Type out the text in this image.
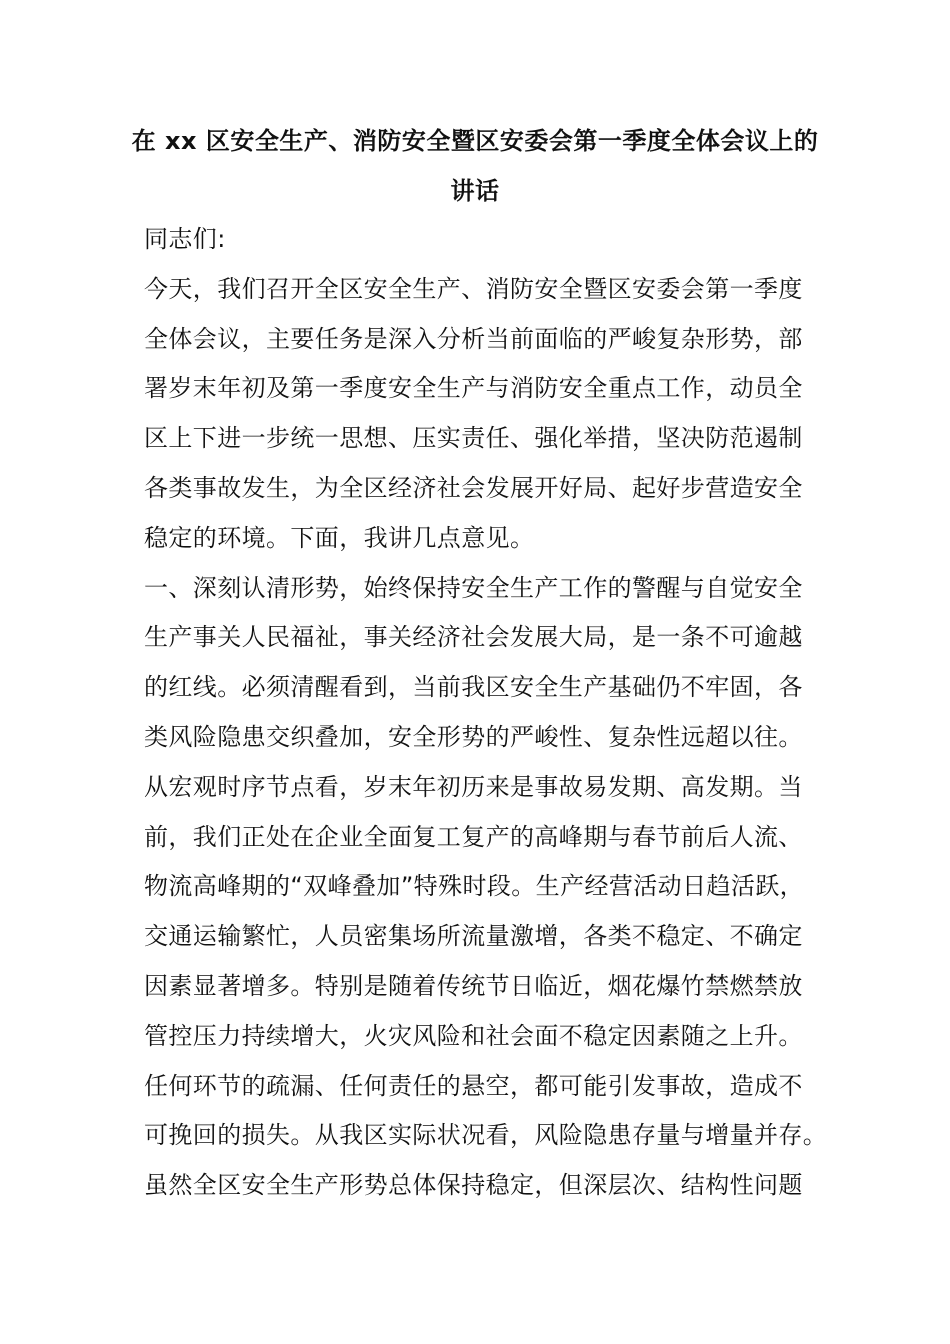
在 xx 区安全生产、消防安全暨区安委会第一季度全体会议上的
讲话
同志们:
今天，我们召开全区安全生产、消防安全暨区安委会第一季度
全体会议，主要任务是深入分析当前面临的严峻复杂形势，部
署岁末年初及第一季度安全生产与消防安全重点工作，动员全
区上下进一步统一思想、压实责任、强化举措，坚决防范遏制
各类事故发生，为全区经济社会发展开好局、起好步营造安全
稳定的环境。下面，我讲几点意见。
一、深刻认清形势，始终保持安全生产工作的警醒与自觉安全
生产事关人民福祉，事关经济社会发展大局，是一条不可逾越
的红线。必须清醒看到，当前我区安全生产基础仍不牢固，各
类风险隐患交织叠加，安全形势的严峻性、复杂性远超以往。
从宏观时序节点看，岁末年初历来是事故易发期、高发期。当
前，我们正处在企业全面复工复产的高峰期与春节前后人流、
物流高峰期的“双峰叠加”特殊时段。生产经营活动日趋活跃，
交通运输繁忙，人员密集场所流量激增，各类不稳定、不确定
因素显著增多。特别是随着传统节日临近，烟花爆竹禁燃禁放
管控压力持续增大，火灾风险和社会面不稳定因素随之上升。
任何环节的疏漏、任何责任的悬空，都可能引发事故，造成不
可挽回的损失。从我区实际状况看，风险隐患存量与增量并存。
虽然全区安全生产形势总体保持稳定，但深层次、结构性问题
